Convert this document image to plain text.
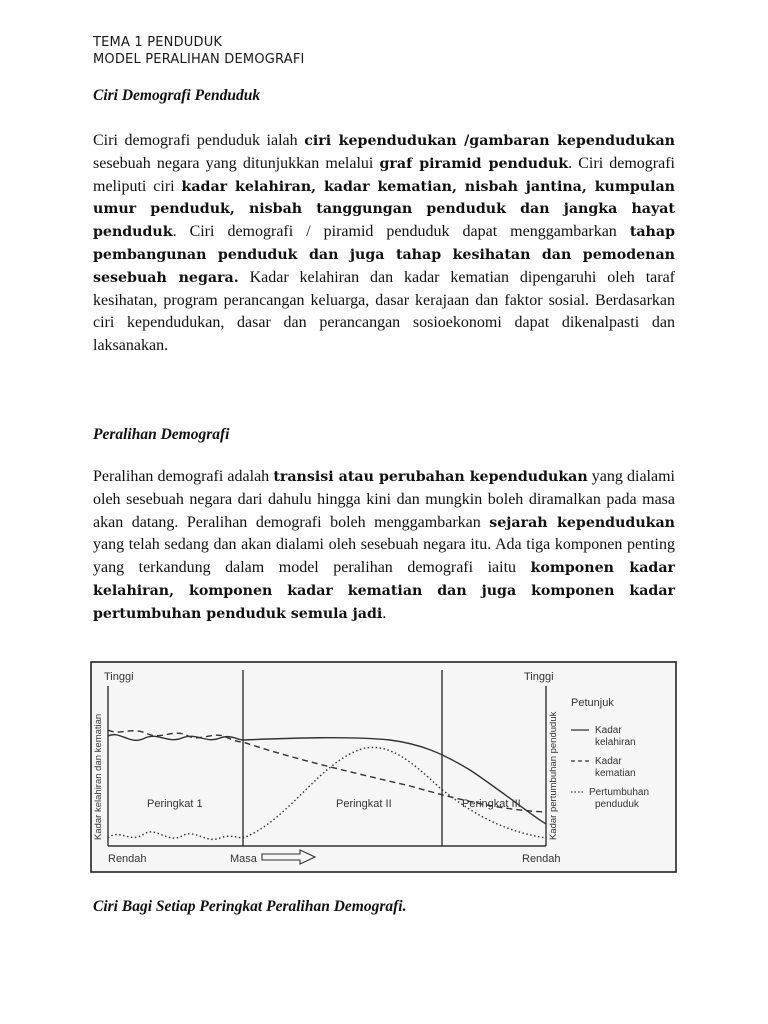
TEMA 1 PENDUDUK
MODEL PERALIHAN DEMOGRAFI
Ciri Demografi Penduduk
Ciri demografi penduduk ialah ciri kependudukan /gambaran kependudukan sesebuah negara yang ditunjukkan melalui graf piramid penduduk. Ciri demografi meliputi ciri kadar kelahiran, kadar kematian, nisbah jantina, kumpulan umur penduduk, nisbah tanggungan penduduk dan jangka hayat penduduk. Ciri demografi / piramid penduduk dapat menggambarkan tahap pembangunan penduduk dan juga tahap kesihatan dan pemodenan sesebuah negara. Kadar kelahiran dan kadar kematian dipengaruhi oleh taraf kesihatan, program perancangan keluarga, dasar kerajaan dan faktor sosial. Berdasarkan ciri kependudukan, dasar dan perancangan sosioekonomi dapat dikenalpasti dan laksanakan.
Peralihan Demografi
Peralihan demografi adalah transisi atau perubahan kependudukan yang dialami oleh sesebuah negara dari dahulu hingga kini dan mungkin boleh diramalkan pada masa akan datang. Peralihan demografi boleh menggambarkan sejarah kependudukan yang telah sedang dan akan dialami oleh sesebuah negara itu. Ada tiga komponen penting yang terkandung dalam model peralihan demografi iaitu komponen kadar kelahiran, komponen kadar kematian dan juga komponen kadar pertumbuhan penduduk semula jadi.
Tinggi	Tinggi
Rendah	Rendah
Masa
Kadar kelahiran dan kematian	Kadar pertumbuhan penduduk
Peringkat 1	Peringkat II	Peringkat III
Petunjuk
Kadar
kelahiran
Kadar
kematian
Pertumbuhan
penduduk
Ciri Bagi Setiap Peringkat Peralihan Demografi.
